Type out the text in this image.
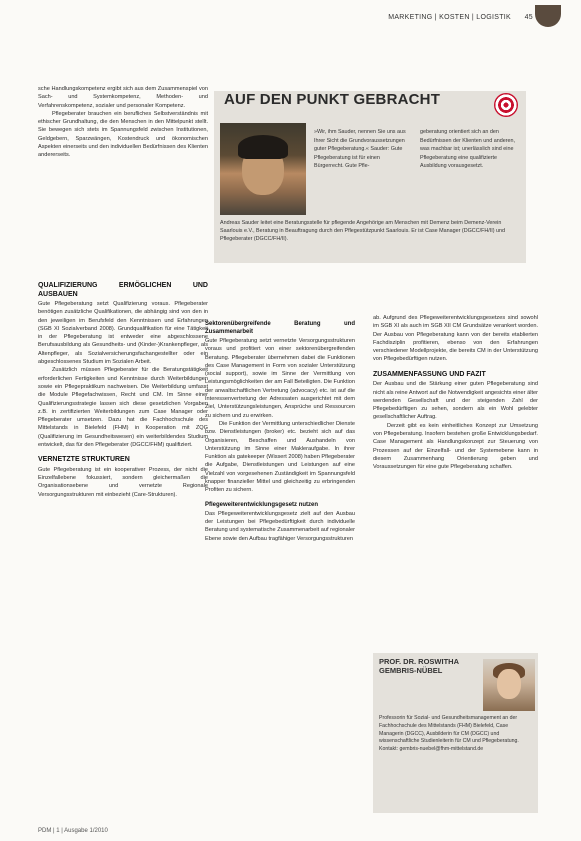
MARKETING | KOSTEN | LOGISTIK 45

sche Handlungskompetenz ergibt sich aus dem Zusammenspiel von Sach- und Systemkompetenz, Methoden- und Verfahrenskompetenz, sozialer und personaler Kompetenz.

Pflegeberater brauchen ein berufliches Selbstverständnis mit ethischer Grundhaltung, die den Menschen in den Mittelpunkt stellt. Sie bewegen sich stets im Spannungsfeld zwischen Institutionen, Geldgebern, Sparzwängen, Kostendruck und ökonomischen Aspekten einerseits und den individuellen Bedürfnissen des Klienten andererseits.

AUF DEN PUNKT GEBRACHT
»Wir, ihm Sauder, nennen Sie uns aus Ihrer Sicht die Grundvoraussetzungen guter Pflegeberatung.« Sauder: Gute Pflegeberatung ist für einen Bürgerrecht. Gute Pfle-
geberatung orientiert sich an den Bedürfnissen der Klienten und anderen, was machbar ist; unerlässlich sind eine Pflegeberatung eine qualifizierte Ausbildung vorausgesetzt.
Andreas Sauder leitet eine Beratungsstelle für pflegende Angehörige am Menschen mit Demenz beim Demenz-Verein Saarlouis e.V., Beratung in Beauftragung durch den Pflegestützpunkt Saarlouis. Er ist Case Manager (DGCC/FH/II) und Pflegeberater (DGCC/FH/II).
QUALIFIZIERUNG ERMÖGLICHEN UND AUSBAUEN

Gute Pflegeberatung setzt Qualifizierung voraus. Pflegeberater benötigen zusätzliche Qualifikationen, die abhängig sind von den in den jeweiligen im Berufsfeld den Kenntnissen und Erfahrungen (SGB XI Sozialverband 2008). Grundqualifikation für eine Tätigkeit in der Pflegeberatung ist entweder eine abgeschlossene Berufsausbildung als Gesundheits- und (Kinder-)Krankenpfleger, als Altenpfleger, als Sozialversicherungsfachangestellter oder ein abgeschlossenes Studium im Sozialen Arbeit.

Zusätzlich müssen Pflegeberater für die Beratungstätigkeit erforderlichen Fertigkeiten und Kenntnisse durch Weiterbildungen sowie ein Pflegepraktikum nachweisen. Die Weiterbildung umfasst die Module Pflegefachwissen, Recht und CM. Im Sinne einer Qualifizierungsstrategie lassen sich diese gesetzlichen Vorgaben z.B. in zertifizierten Weiterbildungen zum Case Manager oder Pflegeberater umsetzen. Dazu hat die Fachhochschule des Mittelstands in Bielefeld (FHM) in Kooperation mit ZQG (Qualifizierung im Gesundheitswesen) ein weiterbildendes Studium entwickelt, das für den Pflegeberater (DGCC/FHM) qualifiziert.

VERNETZTE STRUKTUREN

Gute Pflegeberatung ist ein kooperativer Prozess, der nicht die Einzelfallebene fokussiert, sondern gleichermaßen die Organisationsebene und vernetzte Regionale Versorgungsstrukturen mit einbezieht (Care-Strukturen).

Sektorenübergreifende Beratung und Zusammenarbeit

Gute Pflegeberatung setzt vernetzte Versorgungsstrukturen voraus und profitiert von einer sektorenübergreifenden Beratung. Pflegeberater übernehmen dabei die Funktionen des Case Management in Form von sozialer Unterstützung (social support), sowie im Sinne der Vermittlung von Leistungsmöglichkeiten der am Fall Beteiligten. Die Funktion der anwaltschaftlichen Vertretung (advocacy) etc. ist auf die Interessenvertretung der Adressaten ausgerichtet mit dem Ziel, Unterstützungsleistungen, Ansprüche und Ressourcen zu sichern und zu erwirken.

Die Funktion der Vermittlung unterschiedlicher Dienste bzw. Dienstleistungen (broker) etc. bezieht sich auf das Organisieren, Beschaffen und Aushandeln von Unterstützung im Sinne einer Makleraufgabe. In ihrer Funktion als gatekeeper (Wissert 2008) haben Pflegeberater die Aufgabe, Dienstleistungen und Leistungen auf eine Vielzahl von vorgesehenen Zuständigkeit im Spannungsfeld knapper finanzieller Mittel und gleichzeitig zu erbringenden Profiten zu sichern.

Pflegeweiterentwicklungsgesetz nutzen

Das Pflegeweiterentwicklungsgesetz zielt auf den Ausbau der Leistungen bei Pflegebedürftigkeit durch individuelle Beratung und systematische Zusammenarbeit auf regionaler Ebene sowie den Aufbau tragfähiger Versorgungsstrukturen

ab. Aufgrund des Pflegeweiterentwicklungsgesetzes sind sowohl im SGB XI als auch im SGB XII CM Grundsätze verankert worden. Der Ausbau von Pflegeberatung kann von der bereits etablierten Fachdisziplin profitieren, ebenso von den Erfahrungen verschiedener Modellprojekte, die bereits CM in der Unterstützung von Pflegebedürftigen nutzen.

ZUSAMMENFASSUNG UND FAZIT

Der Ausbau und die Stärkung einer guten Pflegeberatung sind nicht als reine Antwort auf die Notwendigkeit angesichts einer älter werdenden Gesellschaft und der steigenden Zahl der Pflegebedürftigen zu sehen, sondern als ein Wohl gelebter gesellschaftlicher Auftrag.

Derzeit gibt es kein einheitliches Konzept zur Umsetzung von Pflegeberatung. Insofern bestehen große Entwicklungsbedarf. Case Management als Handlungskonzept zur Steuerung von Prozessen auf der Einzelfall- und der Systemebene kann in diesem Zusammenhang Orientierung geben und Voraussetzungen für eine gute Pflegeberatung schaffen.

PROF. DR. ROSWITHA GEMBRIS-NÜBEL
Professorin für Sozial- und Gesundheitsmanagement an der Fachhochschule des Mittelstands (FHM) Bielefeld, Case Managerin (DGCC), Ausbilderin für CM (DGCC) und wissenschaftliche Studienleiterin für CM und Pflegeberatung. Kontakt: gembris-nuebel@fhm-mittelstand.de
PDM | 1 | Ausgabe 1/2010
